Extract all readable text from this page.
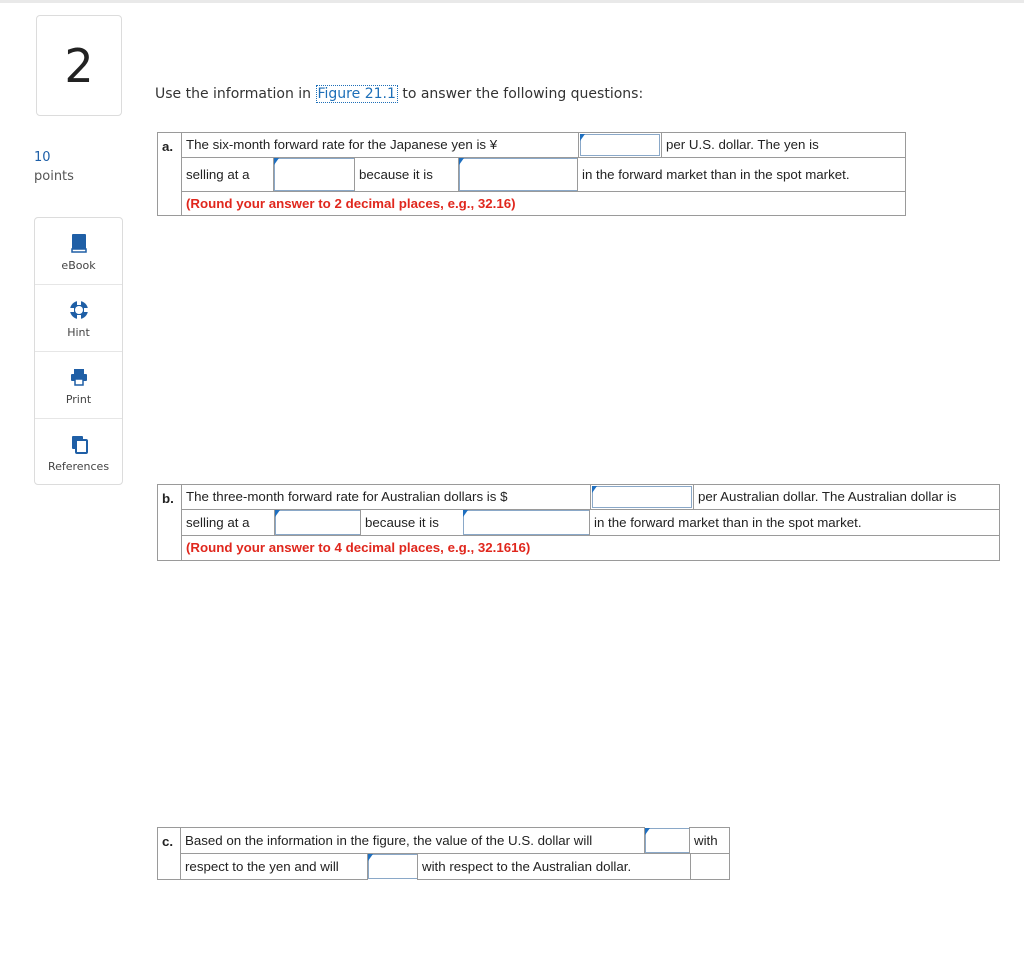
2
10
points
eBook
Hint
Print
References
Use the information in Figure 21.1 to answer the following questions:
a. The six-month forward rate for the Japanese yen is ¥	per U.S. dollar. The yen is
selling at a	because it is	in the forward market than in the spot market.
(Round your answer to 2 decimal places, e.g., 32.16)
b. The three-month forward rate for Australian dollars is $	per Australian dollar. The Australian dollar is
selling at a	because it is	in the forward market than in the spot market.
(Round your answer to 4 decimal places, e.g., 32.1616)
c. Based on the information in the figure, the value of the U.S. dollar will	with
respect to the yen and will	with respect to the Australian dollar.
